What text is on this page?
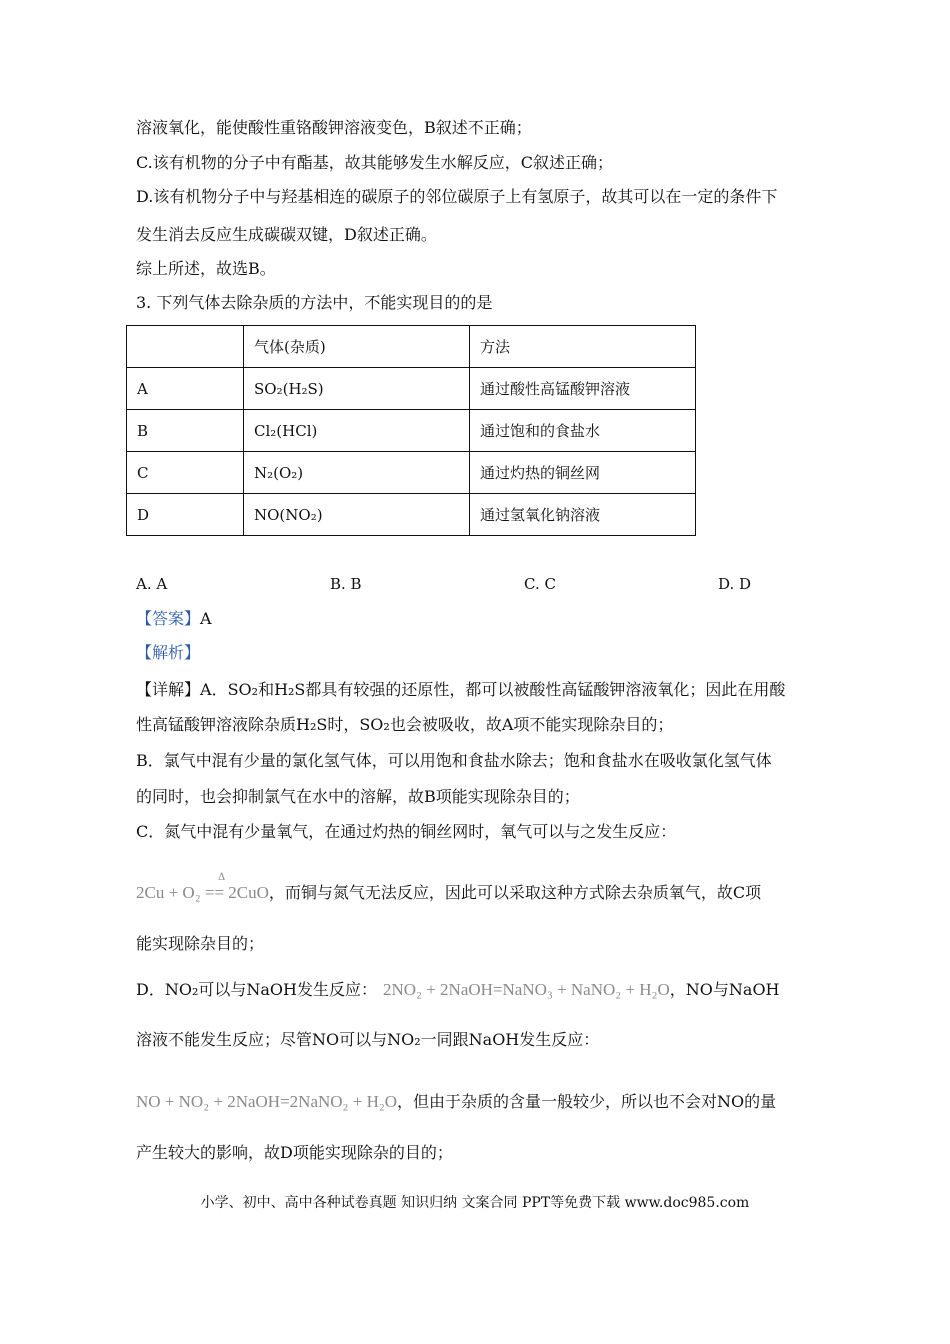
溶液氧化，能使酸性重铬酸钾溶液变色，B叙述不正确；
C.该有机物的分子中有酯基，故其能够发生水解反应，C叙述正确；
D.该有机物分子中与羟基相连的碳原子的邻位碳原子上有氢原子，故其可以在一定的条件下
发生消去反应生成碳碳双键，D叙述正确。
综上所述，故选B。
3. 下列气体去除杂质的方法中，不能实现目的的是
	气体(杂质)	方法
A	SO₂(H₂S)	通过酸性高锰酸钾溶液
B	Cl₂(HCl)	通过饱和的食盐水
C	N₂(O₂)	通过灼热的铜丝网
D	NO(NO₂)	通过氢氧化钠溶液
A. A	B. B	C. C	D. D
【答案】A
【解析】
【详解】A．SO₂和H₂S都具有较强的还原性，都可以被酸性高锰酸钾溶液氧化；因此在用酸
性高锰酸钾溶液除杂质H₂S时，SO₂也会被吸收，故A项不能实现除杂目的；
B．氯气中混有少量的氯化氢气体，可以用饱和食盐水除去；饱和食盐水在吸收氯化氢气体
的同时，也会抑制氯气在水中的溶解，故B项能实现除杂目的；
C．氮气中混有少量氧气，在通过灼热的铜丝网时，氧气可以与之发生反应：
Δ
2Cu + O₂ == 2CuO，而铜与氮气无法反应，因此可以采取这种方式除去杂质氧气，故C项
能实现除杂目的；
D．NO₂可以与NaOH发生反应： 2NO₂ + 2NaOH=NaNO₃ + NaNO₂ + H₂O，NO与NaOH
溶液不能发生反应；尽管NO可以与NO₂一同跟NaOH发生反应：
NO + NO₂ + 2NaOH=2NaNO₂ + H₂O，但由于杂质的含量一般较少，所以也不会对NO的量
产生较大的影响，故D项能实现除杂的目的；
小学、初中、高中各种试卷真题 知识归纳 文案合同 PPT等免费下载 www.doc985.com
